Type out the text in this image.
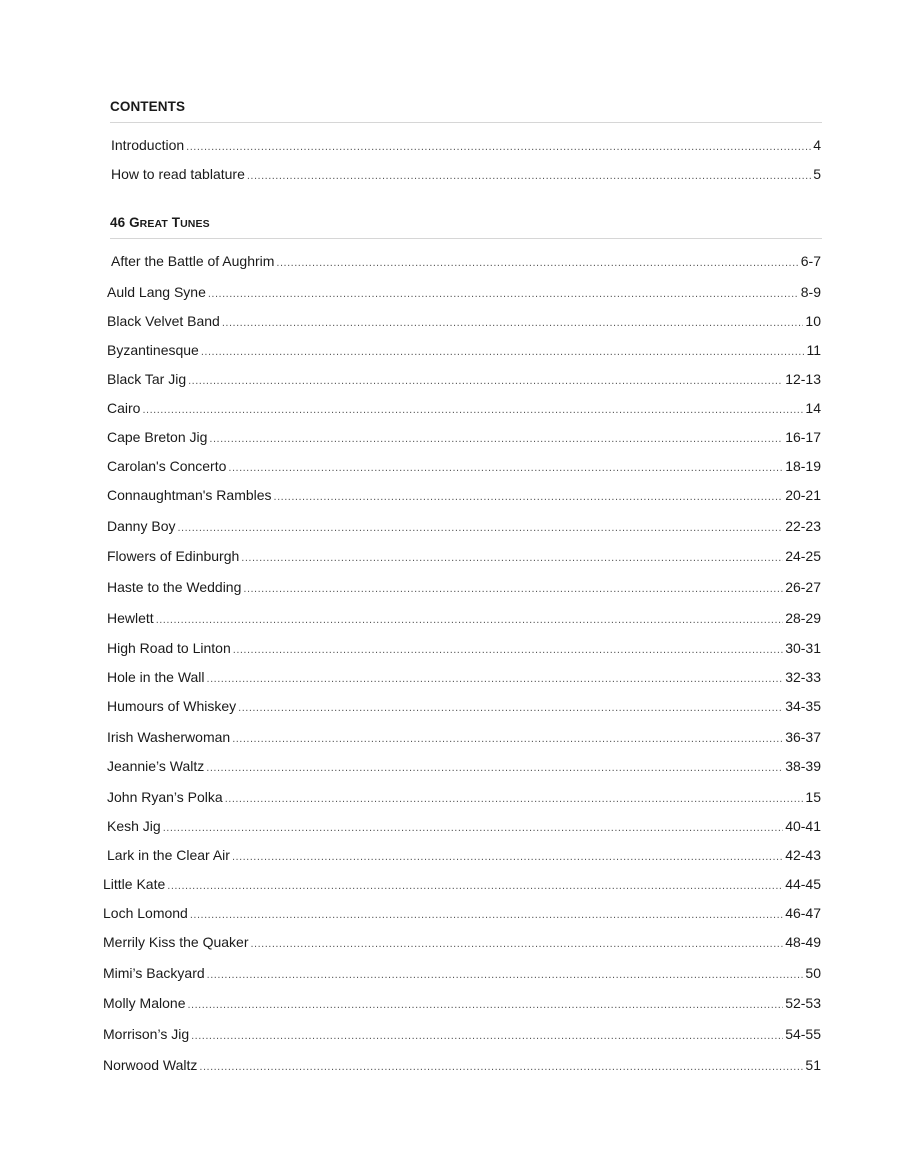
CONTENTS
Introduction .....	4
How to read tablature .....	5
46 GREAT TUNES
After the Battle of Aughrim .....	6-7
Auld Lang Syne .....	8-9
Black Velvet Band .....	10
Byzantinesque .....	11
Black Tar Jig .....	12-13
Cairo .....	14
Cape Breton Jig .....	16-17
Carolan's Concerto .....	18-19
Connaughtman's Rambles .....	20-21
Danny Boy .....	22-23
Flowers of Edinburgh .....	24-25
Haste to the Wedding .....	26-27
Hewlett .....	28-29
High Road to Linton .....	30-31
Hole in the Wall .....	32-33
Humours of Whiskey .....	34-35
Irish Washerwoman .....	36-37
Jeannie’s Waltz .....	38-39
John Ryan’s Polka .....	15
Kesh Jig .....	40-41
Lark in the Clear Air .....	42-43
Little Kate .....	44-45
Loch Lomond .....	46-47
Merrily Kiss the Quaker .....	48-49
Mimi’s Backyard .....	50
Molly Malone .....	52-53
Morrison’s Jig .....	54-55
Norwood Waltz .....	51
